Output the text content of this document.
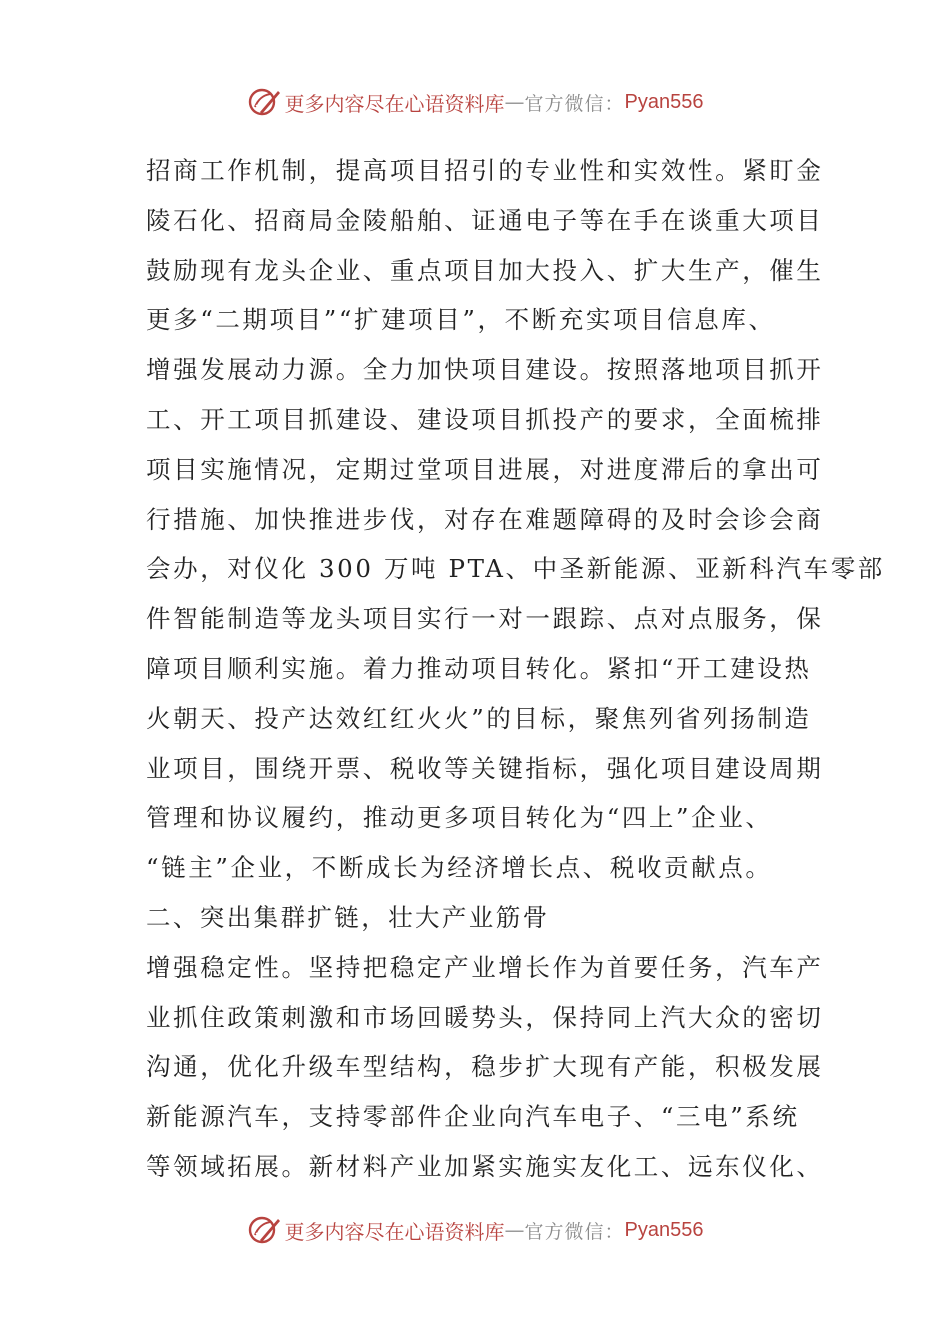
更多内容尽在心语资料库 — 官方微信： Pyan556
招商工作机制，提高项目招引的专业性和实效性。紧盯金
陵石化、招商局金陵船舶、证通电子等在手在谈重大项目
鼓励现有龙头企业、重点项目加大投入、扩大生产，催生
更多“二期项目”“扩建项目”，不断充实项目信息库、
增强发展动力源。全力加快项目建设。按照落地项目抓开
工、开工项目抓建设、建设项目抓投产的要求，全面梳排
项目实施情况，定期过堂项目进展，对进度滞后的拿出可
行措施、加快推进步伐，对存在难题障碍的及时会诊会商
会办，对仪化 300 万吨 PTA、中圣新能源、亚新科汽车零部
件智能制造等龙头项目实行一对一跟踪、点对点服务，保
障项目顺利实施。着力推动项目转化。紧扣“开工建设热
火朝天、投产达效红红火火”的目标，聚焦列省列扬制造
业项目，围绕开票、税收等关键指标，强化项目建设周期
管理和协议履约，推动更多项目转化为“四上”企业、
“链主”企业，不断成长为经济增长点、税收贡献点。
二、突出集群扩链，壮大产业筋骨
增强稳定性。坚持把稳定产业增长作为首要任务，汽车产
业抓住政策刺激和市场回暖势头，保持同上汽大众的密切
沟通，优化升级车型结构，稳步扩大现有产能，积极发展
新能源汽车，支持零部件企业向汽车电子、“三电”系统
等领域拓展。新材料产业加紧实施实友化工、远东仪化、
更多内容尽在心语资料库 — 官方微信： Pyan556
